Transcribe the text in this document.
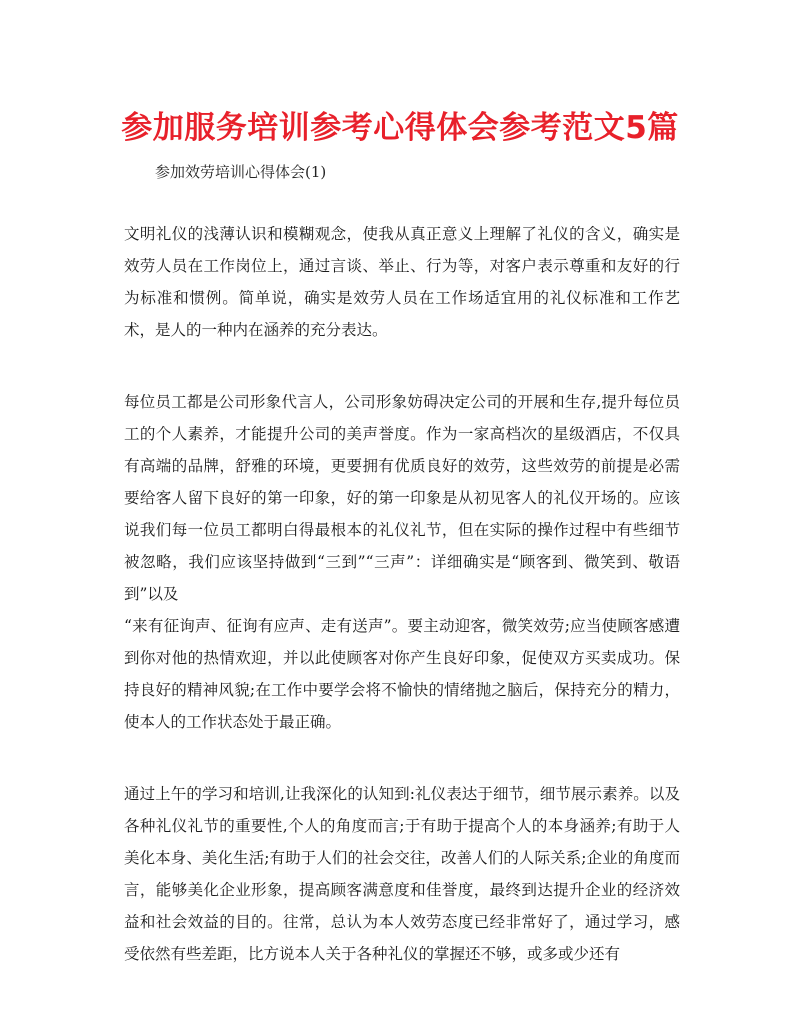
参加服务培训参考心得体会参考范文5篇

参加效劳培训心得体会(1)

文明礼仪的浅薄认识和模糊观念，使我从真正意义上理解了礼仪的含义，确实是效劳人员在工作岗位上，通过言谈、举止、行为等，对客户表示尊重和友好的行为标准和惯例。简单说，确实是效劳人员在工作场适宜用的礼仪标准和工作艺术，是人的一种内在涵养的充分表达。

每位员工都是公司形象代言人，公司形象妨碍决定公司的开展和生存,提升每位员工的个人素养，才能提升公司的美声誉度。作为一家高档次的星级酒店，不仅具有高端的品牌，舒雅的环境，更要拥有优质良好的效劳，这些效劳的前提是必需要给客人留下良好的第一印象，好的第一印象是从初见客人的礼仪开场的。应该说我们每一位员工都明白得最根本的礼仪礼节，但在实际的操作过程中有些细节被忽略，我们应该坚持做到“三到”“三声”：详细确实是“顾客到、微笑到、敬语到”以及
“来有征询声、征询有应声、走有送声”。要主动迎客，微笑效劳;应当使顾客感遭到你对他的热情欢迎，并以此使顾客对你产生良好印象，促使双方买卖成功。保持良好的精神风貌;在工作中要学会将不愉快的情绪抛之脑后，保持充分的精力，使本人的工作状态处于最正确。

通过上午的学习和培训,让我深化的认知到:礼仪表达于细节，细节展示素养。以及各种礼仪礼节的重要性,个人的角度而言;于有助于提高个人的本身涵养;有助于人美化本身、美化生活;有助于人们的社会交往，改善人们的人际关系;企业的角度而言，能够美化企业形象，提高顾客满意度和佳誉度，最终到达提升企业的经济效益和社会效益的目的。往常，总认为本人效劳态度已经非常好了，通过学习，感受依然有些差距，比方说本人关于各种礼仪的掌握还不够，或多或少还有
